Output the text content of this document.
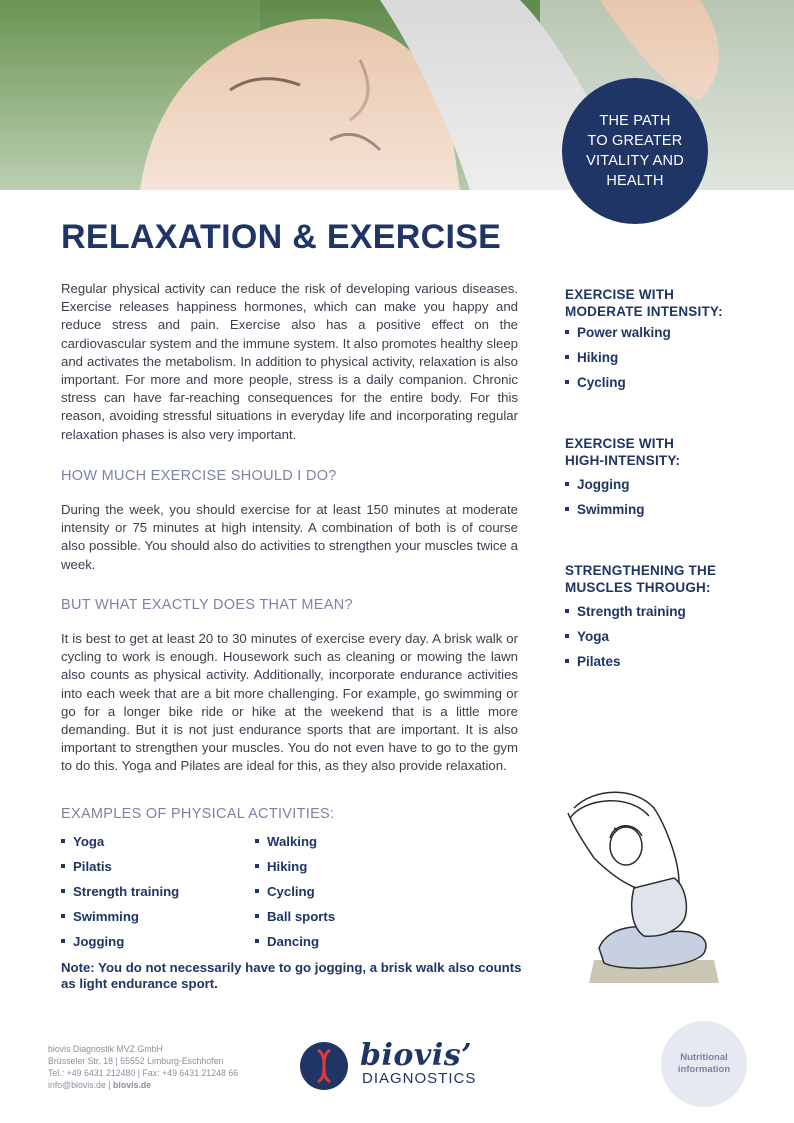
THE PATH
TO GREATER
VITALITY AND
HEALTH
RELAXATION & EXERCISE

Regular physical activity can reduce the risk of developing various diseases. Exercise releases happiness hormones, which can make you happy and reduce stress and pain. Exercise also has a positive effect on the cardiovascular system and the immune system. It also promotes healthy sleep and activates the metabolism. In addition to physical activity, relaxation is also important. For more and more people, stress is a daily companion. Chronic stress can have far-reaching consequences for the entire body. For this reason, avoiding stressful situations in everyday life and incorporating regular relaxation phases is also very important.

HOW MUCH EXERCISE SHOULD I DO?

During the week, you should exercise for at least 150 minutes at moderate intensity or 75 minutes at high intensity. A combination of both is of course also possible. You should also do activities to strengthen your muscles twice a week.

BUT WHAT EXACTLY DOES THAT MEAN?

It is best to get at least 20 to 30 minutes of exercise every day. A brisk walk or cycling to work is enough. Housework such as cleaning or mowing the lawn also counts as physical activity. Additionally, incorporate endurance activities into each week that are a bit more challenging. For example, go swimming or go for a longer bike ride or hike at the weekend that is a little more demanding. But it is not just endurance sports that are important. It is also important to strengthen your muscles. You do not even have to go to the gym to do this. Yoga and Pilates are ideal for this, as they also provide relaxation.

EXAMPLES OF PHYSICAL ACTIVITIES:
Yoga
Pilatis
Strength training
Swimming
Jogging
Walking
Hiking
Cycling
Ball sports
Dancing

Note: You do not necessarily have to go jogging, a brisk walk also counts
as light endurance sport.

EXERCISE WITH
MODERATE INTENSITY:
Power walking
Hiking
Cycling
EXERCISE WITH
HIGH-INTENSITY:
Jogging
Swimming
STRENGTHENING THE
MUSCLES THROUGH:
Strength training
Yoga
Pilates
biovis Diagnostik MVZ GmbH
Brüsseler Str. 18 | 65552 Limburg-Eschhofen
Tel.: +49 6431 212480 | Fax: +49 6431 21248 66
info@biovis.de | biovis.de
biovis’
DIAGNOSTICS
Nutritional
information
